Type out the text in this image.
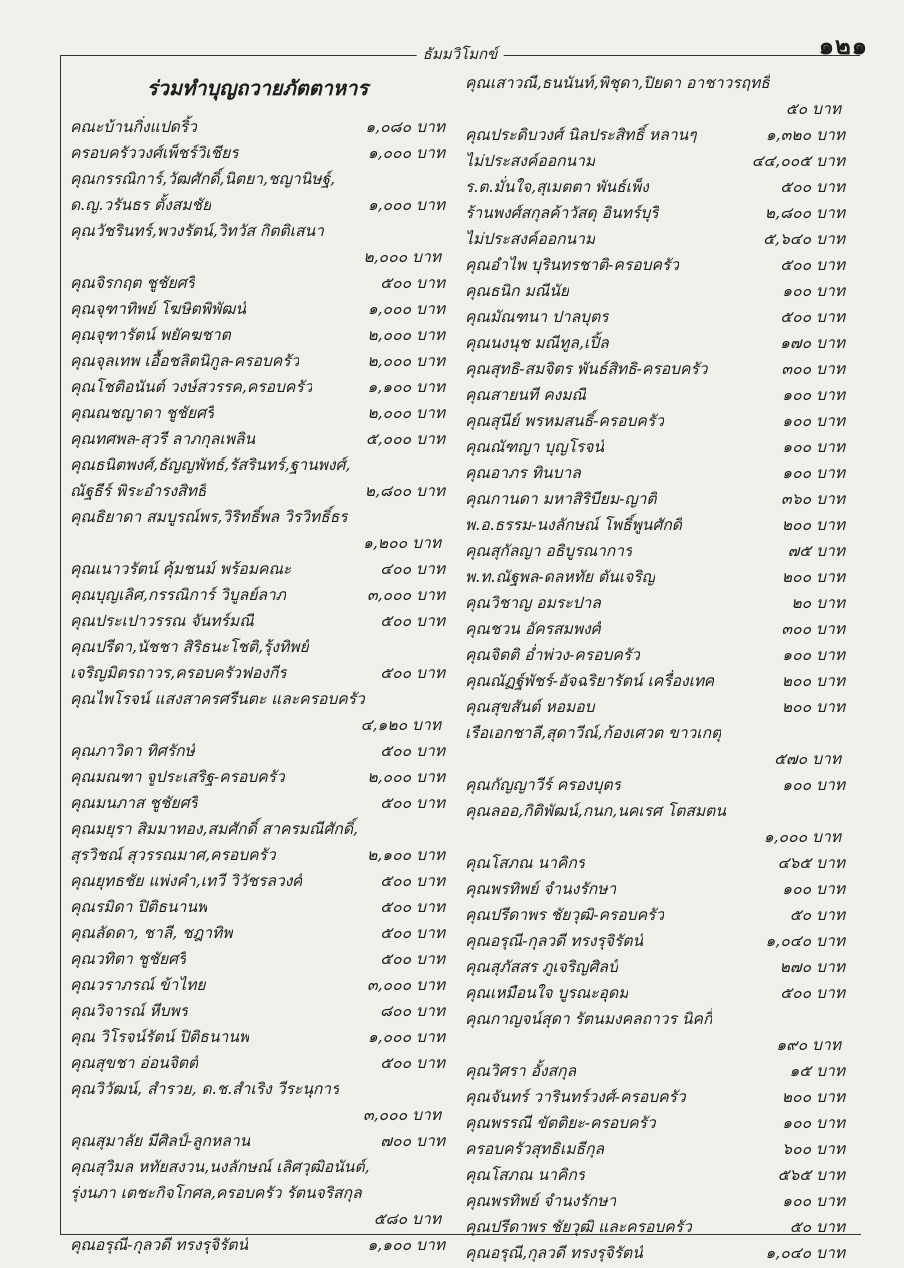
๑๒๑
ธัมมวิโมกข์
ร่วมทำบุญถวายภัตตาหาร
คณะบ้านกิ่งแปดริ้ว	๑,๐๘๐ บาท
ครอบครัววงศ์เพ็ชร์วิเชียร	๑,๐๐๐ บาท
คุณกรรณิการ์,วัฒศักดิ์,นิตยา,ชญานิษฐ์,
ด.ญ.วรันธร ตั้งสมชัย	๑,๐๐๐ บาท
คุณวัชรินทร์,พวงรัตน์,วิทวัส กิตติเสนา
๒,๐๐๐ บาท
คุณจิรกฤต ชูชัยศรี	๕๐๐ บาท
คุณจุฑาทิพย์ โฆษิตพิพัฒน์	๑,๐๐๐ บาท
คุณจุฑารัตน์ พยัคฆชาต	๒,๐๐๐ บาท
คุณจุลเทพ เอื้อชลิตนิกูล-ครอบครัว	๒,๐๐๐ บาท
คุณโชติอนันต์ วงษ์สวรรค,ครอบครัว	๑,๑๐๐ บาท
คุณณชญาดา ชูชัยศรี	๒,๐๐๐ บาท
คุณทศพล-สุวรี ลาภกุลเพลิน	๕,๐๐๐ บาท
คุณธนิตพงศ์,ธัญญพัทธ์,รัสรินทร์,ฐานพงศ์,
ณัฐธีร์ พิระอำรงสิทธิ์	๒,๘๐๐ บาท
คุณธิยาดา สมบูรณ์พร,วิริทธิ์พล วิรวิทธิ์ธร
๑,๒๐๐ บาท
คุณเนาวรัตน์ คุ้มชนม์ พร้อมคณะ	๔๐๐ บาท
คุณบุญเลิศ,กรรณิการ์ วิบูลย์ลาภ	๓,๐๐๐ บาท
คุณประเปาวรรณ จันทร์มณี	๕๐๐ บาท
คุณปรีดา,นัชชา สิริธนะโชติ,รุ้งทิพย์
เจริญมิตรถาวร,ครอบครัวฟองกีร	๕๐๐ บาท
คุณไพโรจน์ แสงสาครศรีนตะ และครอบครัว
๔,๑๒๐ บาท
คุณภาวิดา ทิศรักษ์	๕๐๐ บาท
คุณมณฑา จูประเสริฐ-ครอบครัว	๒,๐๐๐ บาท
คุณมนภาส ชูชัยศรี	๕๐๐ บาท
คุณมยุรา สิมมาทอง,สมศักดิ์ สาครมณีศักดิ์,
สุรวิชณ์ สุวรรณมาศ,ครอบครัว	๒,๑๐๐ บาท
คุณยุทธชัย แพ่งคำ,เทวี วิวัชรลวงศ์	๕๐๐ บาท
คุณรมิดา ปิติธนานพ	๕๐๐ บาท
คุณลัดดา, ชาลี, ชฎาทิพ	๕๐๐ บาท
คุณวทิตา ชูชัยศรี	๕๐๐ บาท
คุณวราภรณ์ ข้าไทย	๓,๐๐๐ บาท
คุณวิจารณ์ หีบพร	๘๐๐ บาท
คุณ วิโรจน์รัตน์ ปิติธนานพ	๑,๐๐๐ บาท
คุณสุขชา อ่อนจิตต์	๕๐๐ บาท
คุณวิวัฒน์, สำรวย, ด.ช.สำเริง วีระนุการ
๓,๐๐๐ บาท
คุณสุมาลัย มีศิลป์-ลูกหลาน	๗๐๐ บาท
คุณสุวิมล หทัยสงวน,นงลักษณ์ เลิศวุฒิอนันต์,
รุ่งนภา เตชะกิจโกศล,ครอบครัว รัตนจริสกุล
๕๘๐ บาท
คุณอรุณี-กุลวดี ทรงรุจิรัตน์	๑,๑๐๐ บาท
คุณเสาวณี,ธนนันท์,พิชุดา,ปิยดา อาชาวรฤทธิ์
๕๐ บาท
คุณประดิบวงศ์ นิลประสิทธิ์ หลานๆ	๑,๓๒๐ บาท
ไม่ประสงค์ออกนาม	๔๔,๐๐๕ บาท
ร.ต.มั่นใจ,สุเมตตา พันธ์เพ็ง	๕๐๐ บาท
ร้านพงศ์สกุลค้าวัสดุ อินทร์บุรี	๒,๘๐๐ บาท
ไม่ประสงค์ออกนาม	๕,๖๔๐ บาท
คุณอำไพ บุรินทรชาติ-ครอบครัว	๕๐๐ บาท
คุณธนิก มณีนัย	๑๐๐ บาท
คุณมัณฑนา ปาลบุตร	๕๐๐ บาท
คุณนงนุช มณีทูล,เปิ้ล	๑๗๐ บาท
คุณสุทธิ-สมจิตร พันธ์สิทธิ-ครอบครัว	๓๐๐ บาท
คุณสายนที คงมณี	๑๐๐ บาท
คุณสุนีย์ พรหมสนธิ์-ครอบครัว	๑๐๐ บาท
คุณณัฑญา บุญโรจน์	๑๐๐ บาท
คุณอาภร ทินบาล	๑๐๐ บาท
คุณกานดา มหาสิริบียม-ญาติ	๓๖๐ บาท
พ.อ.ธรรม-นงลักษณ์ โพธิ์พูนศักดิ์	๒๐๐ บาท
คุณสุกัลญา อธิบูรณาการ	๗๕ บาท
พ.ท.ณัฐพล-ดลหทัย ตันเจริญ	๒๐๐ บาท
คุณวิชาญ อมระปาล	๒๐ บาท
คุณชวน อัครสมพงศ์	๓๐๐ บาท
คุณจิตติ อ่ำพ่วง-ครอบครัว	๑๐๐ บาท
คุณณัฏฐ์พัชร์-อัจฉริยารัตน์ เครื่องเทศ	๒๐๐ บาท
คุณสุขสันต์ หอมอบ	๒๐๐ บาท
เรือเอกชาลี,สุดาวีณ์,ก้องเศวต ขาวเกตุ
๕๗๐ บาท
คุณกัญญาวีร์ ครองบุตร	๑๐๐ บาท
คุณลออ,กิติพัฒน์,กนก,นคเรศ โตสมตน
๑,๐๐๐ บาท
คุณโสภณ นาคิกร	๔๖๕ บาท
คุณพรทิพย์ จำนงรักษา	๑๐๐ บาท
คุณปรีดาพร ชัยวุฒิ-ครอบครัว	๕๐ บาท
คุณอรุณี-กุลวดี ทรงรุจิรัตน์	๑,๐๔๐ บาท
คุณสุภัสสร ภูเจริญศิลป์	๒๗๐ บาท
คุณเหมือนใจ บูรณะอุดม	๕๐๐ บาท
คุณกาญจน์สุดา รัตนมงคลถาวร นิคกี้
๑๙๐ บาท
คุณวิศรา อั้งสกุล	๑๕ บาท
คุณจันทร์ วารินทร์วงศ์-ครอบครัว	๒๐๐ บาท
คุณพรรณี ขัตติยะ-ครอบครัว	๑๐๐ บาท
ครอบครัวสุทธิเมธีกุล	๖๐๐ บาท
คุณโสภณ นาคิกร	๕๖๕ บาท
คุณพรทิพย์ จำนงรักษา	๑๐๐ บาท
คุณปรีดาพร ชัยวุฒิ และครอบครัว	๕๐ บาท
คุณอรุณี,กุลวดี ทรงรุจิรัตน์	๑,๐๔๐ บาท
